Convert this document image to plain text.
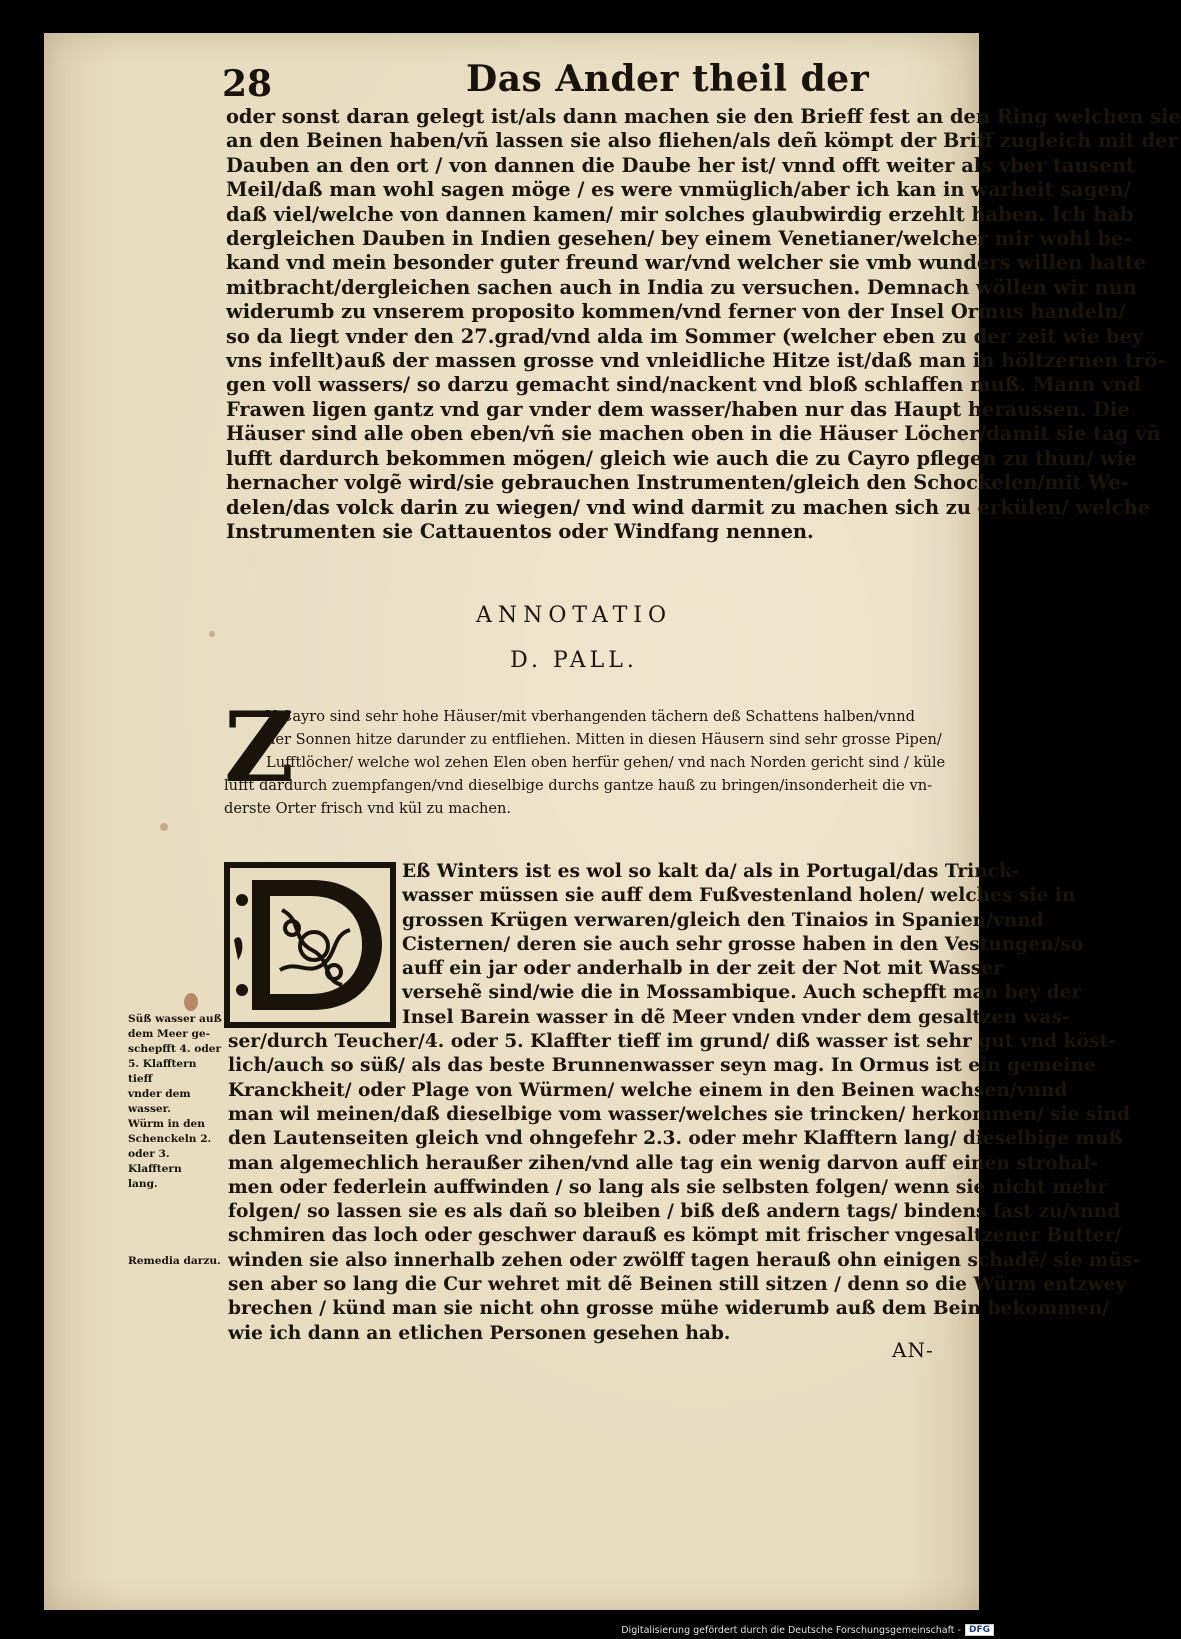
28	Das Ander theil der
oder sonst daran gelegt ist/als dann machen sie den Brieff fest an den Ring welchen sie
an den Beinen haben/vñ lassen sie also fliehen/als deñ kömpt der Briff zugleich mit der
Dauben an den ort / von dannen die Daube her ist/ vnnd offt weiter als vber tausent
Meil/daß man wohl sagen möge / es were vnmüglich/aber ich kan in warheit sagen/
daß viel/welche von dannen kamen/ mir solches glaubwirdig erzehlt haben. Ich hab
dergleichen Dauben in Indien gesehen/ bey einem Venetianer/welcher mir wohl be-
kand vnd mein besonder guter freund war/vnd welcher sie vmb wunders willen hatte
mitbracht/dergleichen sachen auch in India zu versuchen. Demnach wöllen wir nun
widerumb zu vnserem proposito kommen/vnd ferner von der Insel Ormus handeln/
so da liegt vnder den 27.grad/vnd alda im Sommer (welcher eben zu der zeit wie bey
vns infellt)auß der massen grosse vnd vnleidliche Hitze ist/daß man in höltzernen trö-
gen voll wassers/ so darzu gemacht sind/nackent vnd bloß schlaffen muß. Mann vnd
Frawen ligen gantz vnd gar vnder dem wasser/haben nur das Haupt heraussen. Die
Häuser sind alle oben eben/vñ sie machen oben in die Häuser Löcher/damit sie tag vñ
lufft dardurch bekommen mögen/ gleich wie auch die zu Cayro pflegen zu thun/ wie
hernacher volgẽ wird/sie gebrauchen Instrumenten/gleich den Schockelen/mit We-
delen/das volck darin zu wiegen/ vnd wind darmit zu machen sich zu erkülen/ welche
Instrumenten sie Cattauentos oder Windfang nennen.
ANNOTATIO
D. PALL.
Z
V Cayro sind sehr hohe Häuser/mit vberhangenden tächern deß Schattens halben/vnnd
der Sonnen hitze darunder zu entfliehen. Mitten in diesen Häusern sind sehr grosse Pipen/
Lufftlöcher/ welche wol zehen Elen oben herfür gehen/ vnd nach Norden gericht sind / küle
lufft dardurch zuempfangen/vnd dieselbige durchs gantze hauß zu bringen/insonderheit die vn-
derste Orter frisch vnd kül zu machen.
Eß Winters ist es wol so kalt da/ als in Portugal/das Trinck-
wasser müssen sie auff dem Fußvestenland holen/ welches sie in
grossen Krügen verwaren/gleich den Tinaios in Spanien/vnnd
Cisternen/ deren sie auch sehr grosse haben in den Vestungen/so
auff ein jar oder anderhalb in der zeit der Not mit Wasser
versehẽ sind/wie die in Mossambique. Auch schepfft man bey der
Insel Barein wasser in dẽ Meer vnden vnder dem gesaltzen was-
ser/durch Teucher/4. oder 5. Klaffter tieff im grund/ diß wasser ist sehr gut vnd köst-
lich/auch so süß/ als das beste Brunnenwasser seyn mag. In Ormus ist ein gemeine
Kranckheit/ oder Plage von Würmen/ welche einem in den Beinen wachsen/vnnd
man wil meinen/daß dieselbige vom wasser/welches sie trincken/ herkommen/ sie sind
den Lautenseiten gleich vnd ohngefehr 2.3. oder mehr Klafftern lang/ dieselbige muß
man algemechlich heraußer zihen/vnd alle tag ein wenig darvon auff einen strohal-
men oder federlein auffwinden / so lang als sie selbsten folgen/ wenn sie nicht mehr
folgen/ so lassen sie es als dañ so bleiben / biß deß andern tags/ bindens fast zu/vnnd
schmiren das loch oder geschwer darauß es kömpt mit frischer vngesaltzener Butter/
winden sie also innerhalb zehen oder zwölff tagen herauß ohn einigen schadẽ/ sie müs-
sen aber so lang die Cur wehret mit dẽ Beinen still sitzen / denn so die Würm entzwey
brechen / künd man sie nicht ohn grosse mühe widerumb auß dem Bein bekommen/
wie ich dann an etlichen Personen gesehen hab.
Süß wasser auß
dem Meer ge-
schepfft 4. oder
5. Klafftern tieff
vnder dem wasser.
Würm in den
Schenckeln 2.
oder 3. Klafftern
lang.
Remedia darzu.
AN-
Digitalisierung gefördert durch die Deutsche Forschungsgemeinschaft - DFG
